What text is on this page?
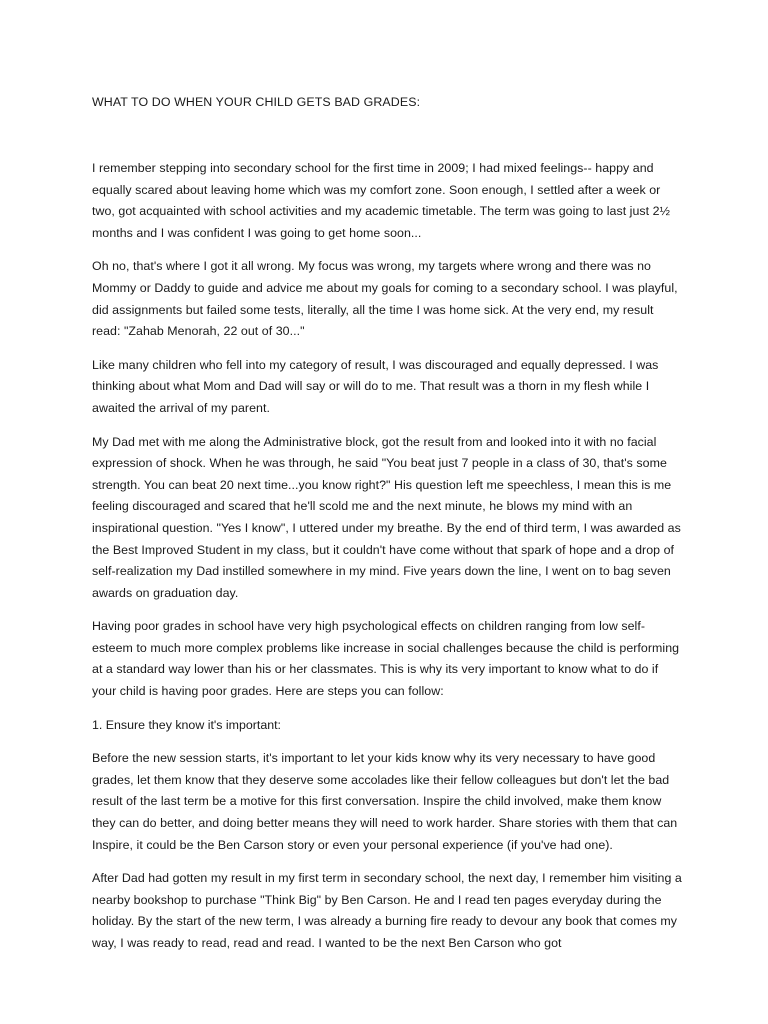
WHAT TO DO WHEN YOUR CHILD GETS BAD GRADES:

I remember stepping into secondary school for the first time in 2009; I had mixed feelings-- happy and equally scared about leaving home which was my comfort zone. Soon enough, I settled after a week or two, got acquainted with school activities and my academic timetable. The term was going to last just 2½ months and I was confident I was going to get home soon...

Oh no, that's where I got it all wrong. My focus was wrong, my targets where wrong and there was no Mommy or Daddy to guide and advice me about my goals for coming to a secondary school. I was playful, did assignments but failed some tests, literally, all the time I was home sick. At the very end, my result read: "Zahab Menorah, 22 out of 30..."

Like many children who fell into my category of result, I was discouraged and equally depressed. I was thinking about what Mom and Dad will say or will do to me. That result was a thorn in my flesh while I awaited the arrival of my parent.

My Dad met with me along the Administrative block, got the result from and looked into it with no facial expression of shock. When he was through, he said "You beat just 7 people in a class of 30, that's some strength. You can beat 20 next time...you know right?" His question left me speechless, I mean this is me feeling discouraged and scared that he'll scold me and the next minute, he blows my mind with an inspirational question. "Yes I know", I uttered under my breathe. By the end of third term, I was awarded as the Best Improved Student in my class, but it couldn't have come without that spark of hope and a drop of self-realization my Dad instilled somewhere in my mind. Five years down the line, I went on to bag seven awards on graduation day.

Having poor grades in school have very high psychological effects on children ranging from low self-esteem to much more complex problems like increase in social challenges because the child is performing at a standard way lower than his or her classmates. This is why its very important to know what to do if your child is having poor grades. Here are steps you can follow:

1. Ensure they know it's important:

Before the new session starts, it's important to let your kids know why its very necessary to have good grades, let them know that they deserve some accolades like their fellow colleagues but don't let the bad result of the last term be a motive for this first conversation. Inspire the child involved, make them know they can do better, and doing better means they will need to work harder. Share stories with them that can Inspire, it could be the Ben Carson story or even your personal experience (if you've had one).

After Dad had gotten my result in my first term in secondary school, the next day, I remember him visiting a nearby bookshop to purchase "Think Big" by Ben Carson. He and I read ten pages everyday during the holiday. By the start of the new term, I was already a burning fire ready to devour any book that comes my way, I was ready to read, read and read. I wanted to be the next Ben Carson who got
